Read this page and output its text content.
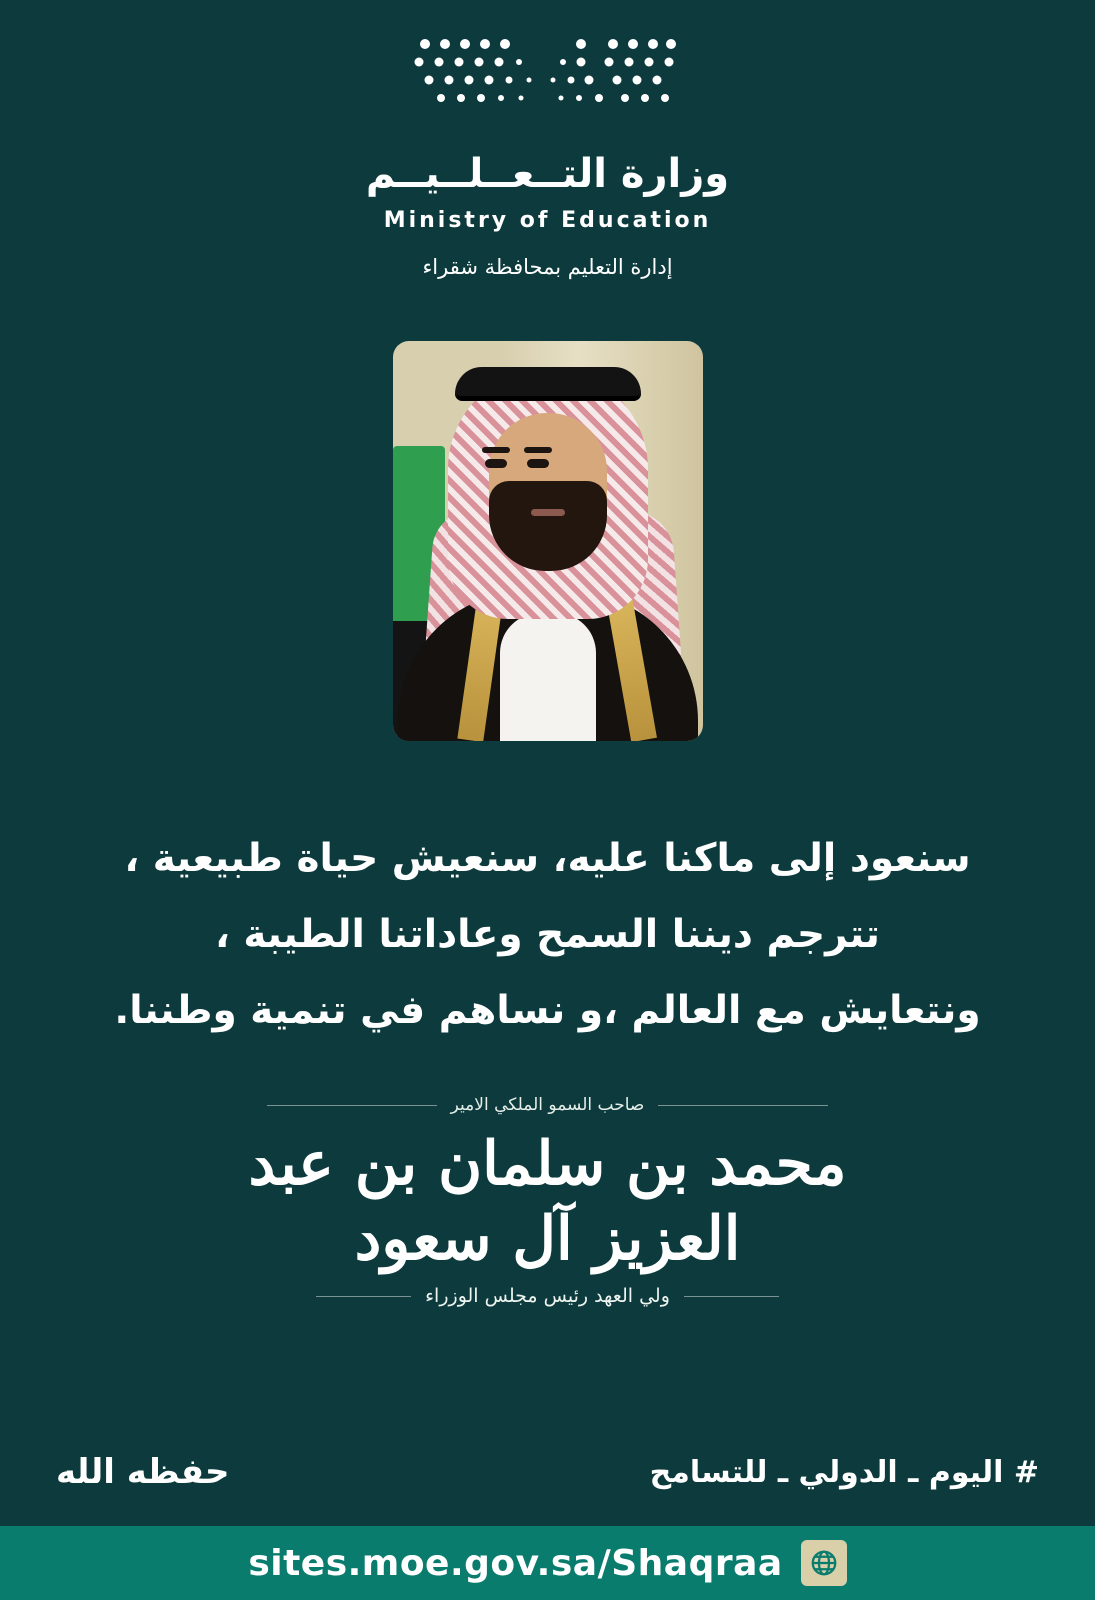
وزارة التــعــلــيــم
Ministry of Education
إدارة التعليم بمحافظة شقراء
سنعود إلى ماكنا عليه، سنعيش حياة طبيعية ،
تترجم ديننا السمح وعاداتنا الطيبة ،
ونتعايش مع العالم ،و نساهم في تنمية وطننا.
صاحب السمو الملكي الامير
محمد بن سلمان بن عبد العزيز آل سعود
ولي العهد رئيس مجلس الوزراء
# اليوم ـ الدولي ـ للتسامح
حفظه الله
sites.moe.gov.sa/Shaqraa
